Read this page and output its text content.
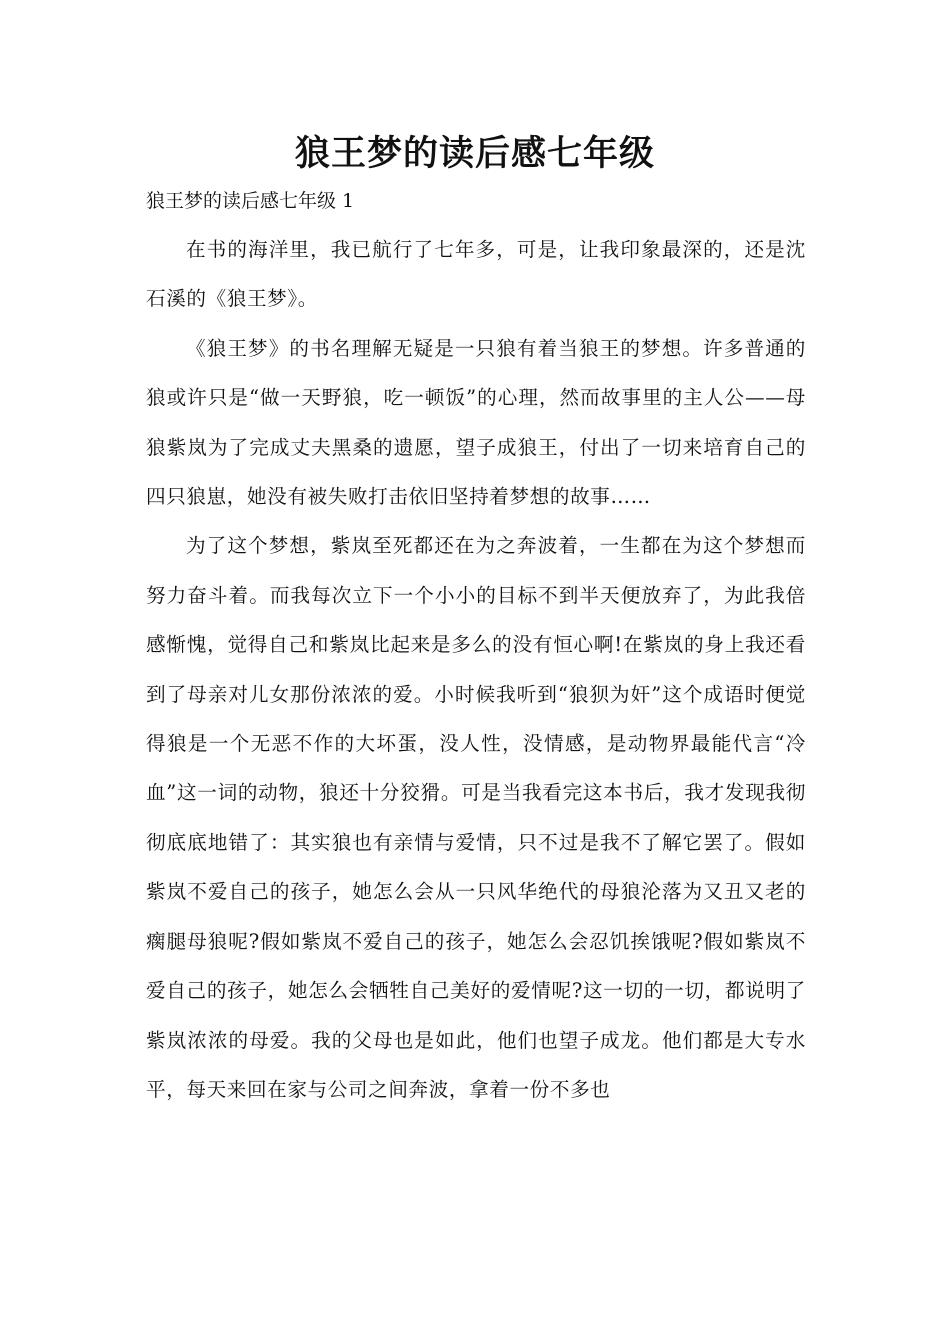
狼王梦的读后感七年级

狼王梦的读后感七年级 1

在书的海洋里，我已航行了七年多，可是，让我印象最深的，还是沈石溪的《狼王梦》。

《狼王梦》的书名理解无疑是一只狼有着当狼王的梦想。许多普通的狼或许只是“做一天野狼，吃一顿饭”的心理，然而故事里的主人公——母狼紫岚为了完成丈夫黑桑的遗愿，望子成狼王，付出了一切来培育自己的四只狼崽，她没有被失败打击依旧坚持着梦想的故事……

为了这个梦想，紫岚至死都还在为之奔波着，一生都在为这个梦想而努力奋斗着。而我每次立下一个小小的目标不到半天便放弃了，为此我倍感惭愧，觉得自己和紫岚比起来是多么的没有恒心啊!在紫岚的身上我还看到了母亲对儿女那份浓浓的爱。小时候我听到“狼狈为奸”这个成语时便觉得狼是一个无恶不作的大坏蛋，没人性，没情感，是动物界最能代言“冷血”这一词的动物，狼还十分狡猾。可是当我看完这本书后，我才发现我彻彻底底地错了：其实狼也有亲情与爱情，只不过是我不了解它罢了。假如紫岚不爱自己的孩子，她怎么会从一只风华绝代的母狼沦落为又丑又老的瘸腿母狼呢?假如紫岚不爱自己的孩子，她怎么会忍饥挨饿呢?假如紫岚不爱自己的孩子，她怎么会牺牲自己美好的爱情呢?这一切的一切，都说明了紫岚浓浓的母爱。我的父母也是如此，他们也望子成龙。他们都是大专水平，每天来回在家与公司之间奔波，拿着一份不多也
